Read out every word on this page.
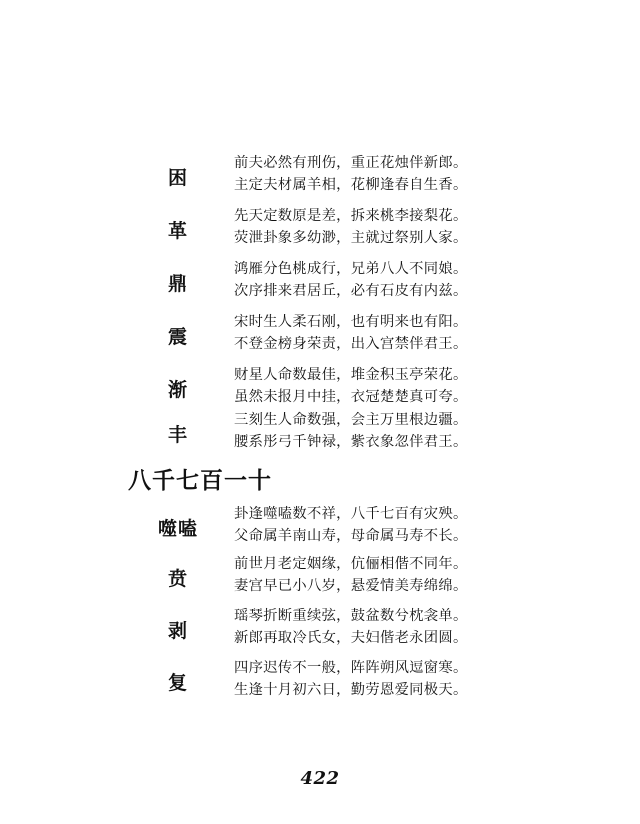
困
前夫必然有刑伤，重正花烛伴新郎。
主定夫材属羊相，花柳逢春自生香。
革
先天定数原是差，拆来桃李接梨花。
荧泄卦象多幼渺，主就过祭别人家。
鼎
鸿雁分色桃成行，兄弟八人不同娘。
次序排来君居丘，必有石皮有内兹。
震
宋时生人柔石刚，也有明来也有阳。
不登金榜身荣责，出入宫禁伴君王。
渐
财星人命数最佳，堆金积玉亭荣花。
虽然未报月中挂，衣冠楚楚真可夸。
丰
三刻生人命数强，会主万里根边疆。
腰系彤弓千钟禄，紫衣象忽伴君王。
八千七百一十
噬嗑
卦逢噬嗑数不祥，八千七百有灾殃。
父命属羊南山寿，母命属马寿不长。
贲
前世月老定姻缘，伉俪相偕不同年。
妻宫早已小八岁，悬爱情美寿绵绵。
剥
瑶琴折断重续弦，鼓盆数兮枕衾单。
新郎再取冷氏女，夫妇偕老永团圆。
复
四序迟传不一般，阵阵朔风逗窗寒。
生逢十月初六日，勤劳恩爱同极天。
422
